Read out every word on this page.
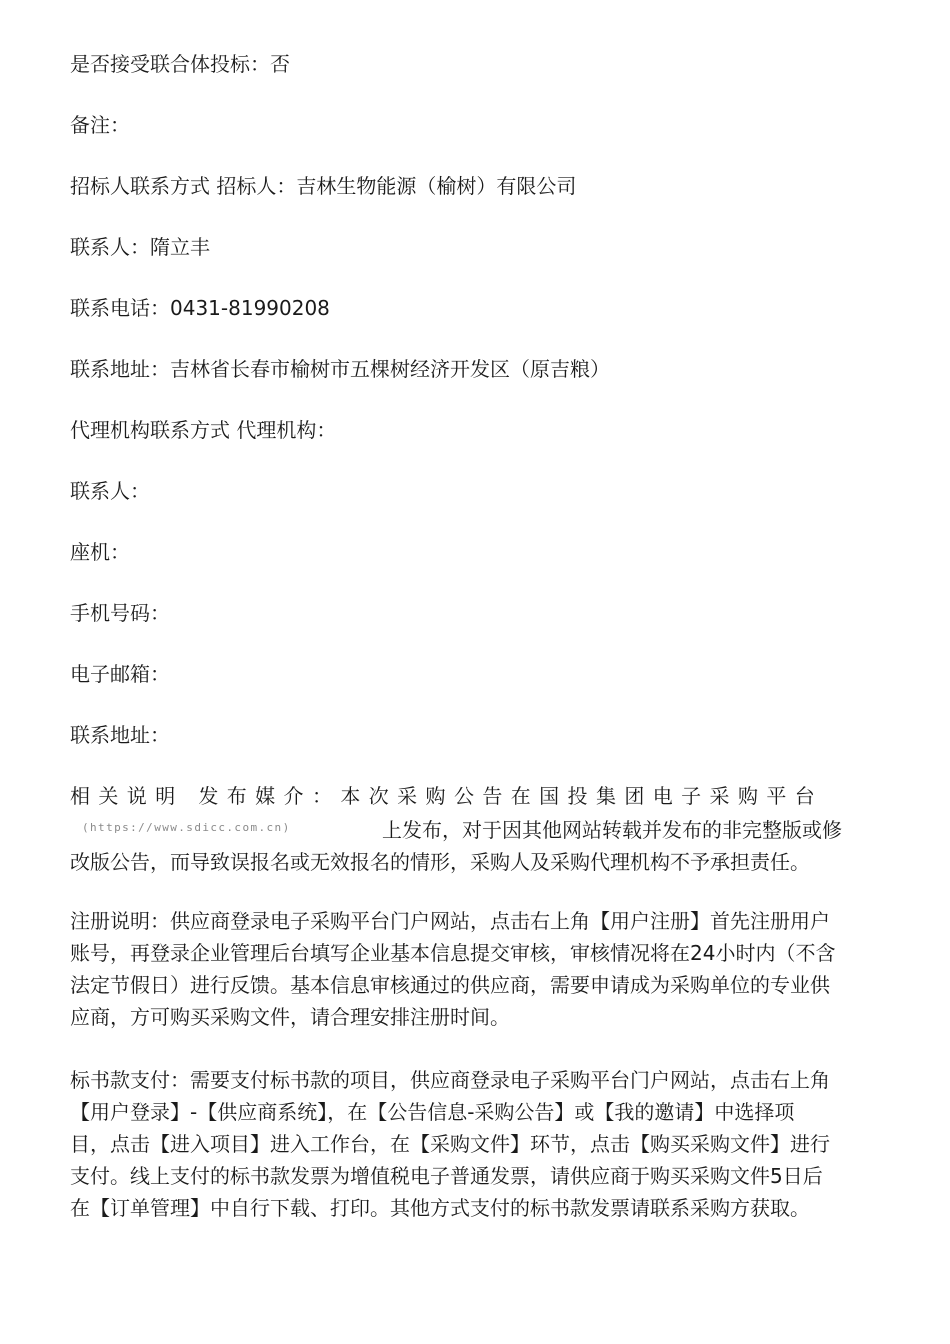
是否接受联合体投标：否
备注：
招标人联系方式 招标人：吉林生物能源（榆树）有限公司
联系人：隋立丰
联系电话：0431-81990208
联系地址：吉林省长春市榆树市五棵树经济开发区（原吉粮）
代理机构联系方式 代理机构：
联系人：
座机：
手机号码：
电子邮箱：
联系地址：
相关说明 发布媒介：本次采购公告在国投集团电子采购平台
(https://www.sdicc.com.cn)	上发布，对于因其他网站转载并发布的非完整版或修
改版公告，而导致误报名或无效报名的情形，采购人及采购代理机构不予承担责任。
注册说明：供应商登录电子采购平台门户网站，点击右上角【用户注册】首先注册用户
账号，再登录企业管理后台填写企业基本信息提交审核，审核情况将在24小时内（不含
法定节假日）进行反馈。基本信息审核通过的供应商，需要申请成为采购单位的专业供
应商，方可购买采购文件，请合理安排注册时间。
标书款支付：需要支付标书款的项目，供应商登录电子采购平台门户网站，点击右上角
【用户登录】-【供应商系统】，在【公告信息-采购公告】或【我的邀请】中选择项
目，点击【进入项目】进入工作台，在【采购文件】环节，点击【购买采购文件】进行
支付。线上支付的标书款发票为增值税电子普通发票，请供应商于购买采购文件5日后
在【订单管理】中自行下载、打印。其他方式支付的标书款发票请联系采购方获取。
